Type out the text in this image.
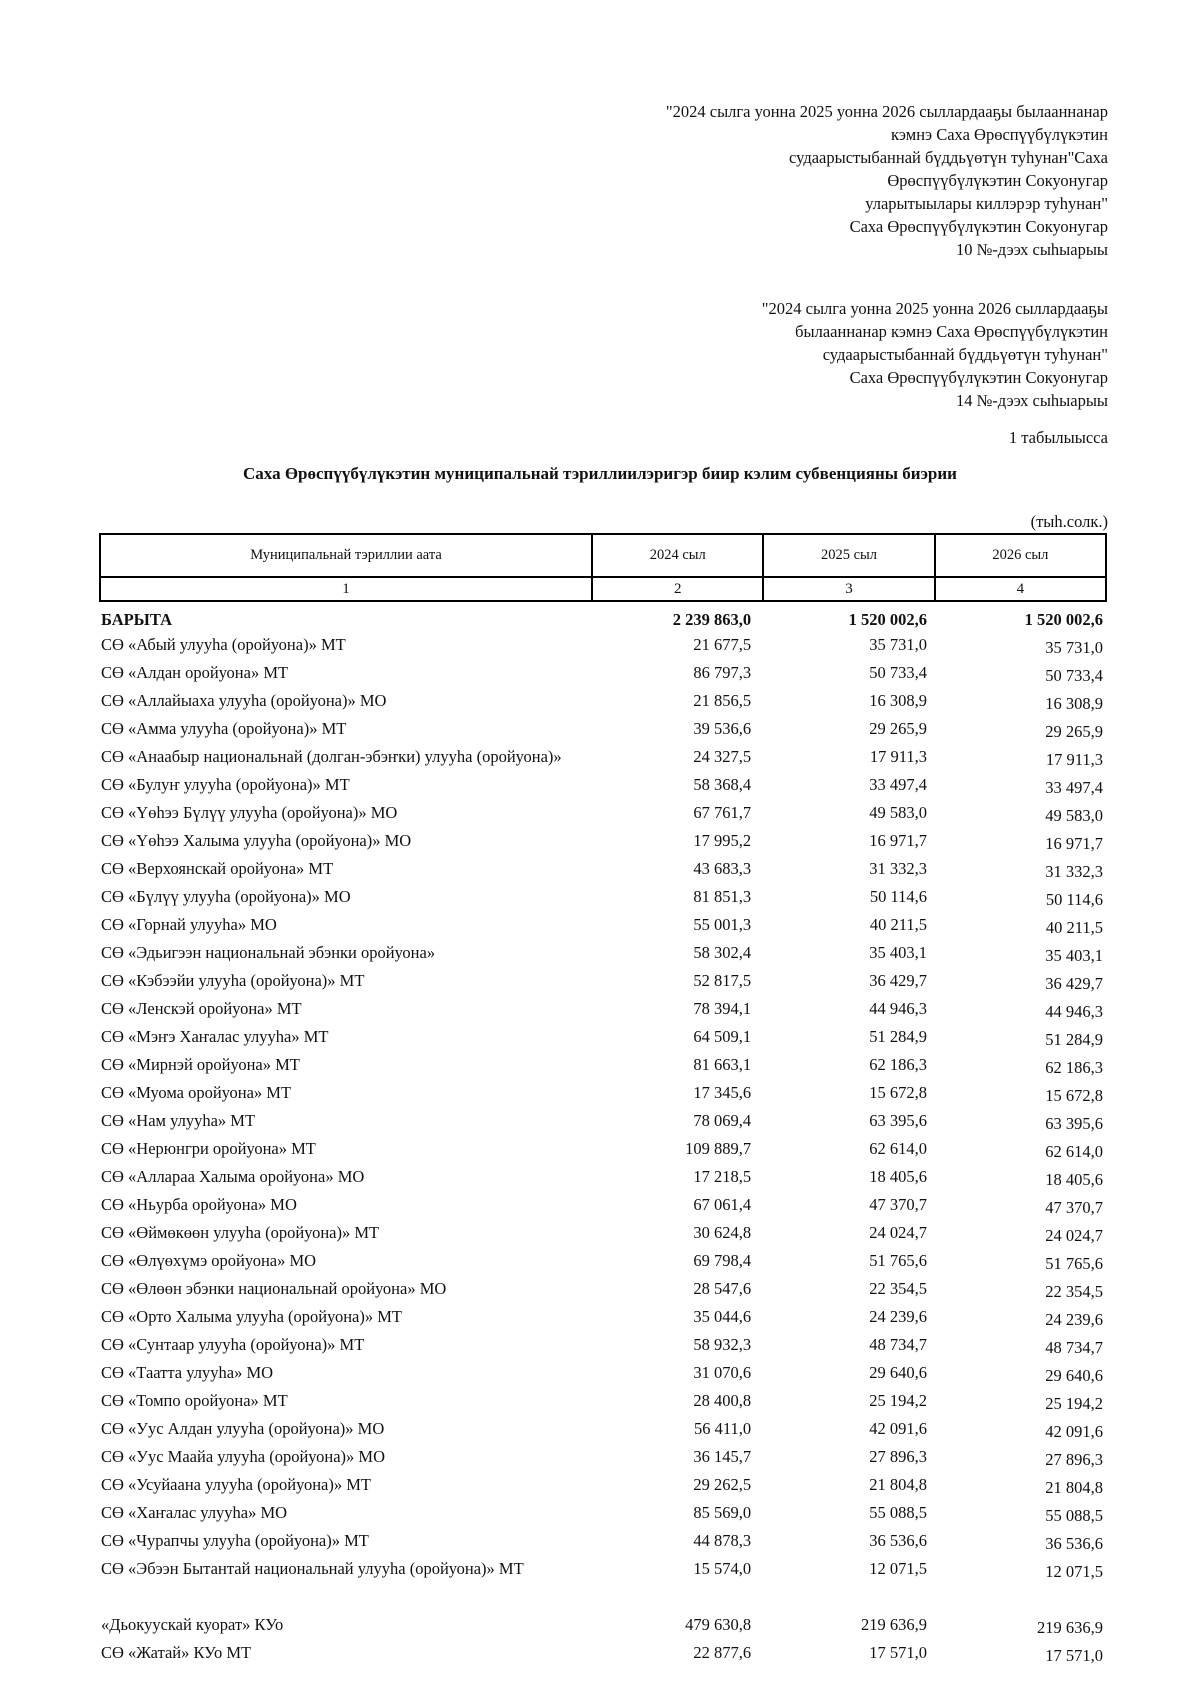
"2024 сылга уонна 2025 уонна 2026 сыллардааҕы былааннанар
кэмнэ Саха Өрөспүүбүлүкэтин
судаарыстыбаннай бүддьүөтүн туһунан"Саха
Өрөспүүбүлүкэтин Сокуонугар
уларытыылары киллэрэр туһунан"
Саха Өрөспүүбүлүкэтин Сокуонугар
10 №-дээх сыһыарыы
"2024 сылга уонна 2025 уонна 2026 сыллардааҕы
былааннанар кэмнэ Саха Өрөспүүбүлүкэтин
судаарыстыбаннай бүддьүөтүн туһунан"
Саха Өрөспүүбүлүкэтин Сокуонугар
14 №-дээх сыһыарыы
1 табылыысса
Саха Өрөспүүбүлүкэтин муниципальнай тэриллиилэригэр биир кэлим субвенцияны биэрии
(тыһ.солк.)
Муниципальнай тэриллии аата	2024 сыл	2025 сыл	2026 сыл
1	2	3	4
БАРЫТА	2 239 863,0	1 520 002,6	1 520 002,6
СӨ «Абый улууһа (оройуона)» МТ	21 677,5	35 731,0	35 731,0
СӨ «Алдан оройуона» МТ	86 797,3	50 733,4	50 733,4
СӨ «Аллайыаха улууһа (оройуона)» МО	21 856,5	16 308,9	16 308,9
СӨ «Амма улууһа (оройуона)» МТ	39 536,6	29 265,9	29 265,9
СӨ «Анаабыр национальнай (долган-эбэҥки) улууһа (оройуона)»	24 327,5	17 911,3	17 911,3
СӨ «Булуҥ улууһа (оройуона)» МТ	58 368,4	33 497,4	33 497,4
СӨ «Үөһээ Бүлүү улууһа (оройуона)» МО	67 761,7	49 583,0	49 583,0
СӨ «Үөһээ Халыма улууһа (оройуона)» МО	17 995,2	16 971,7	16 971,7
СӨ «Верхоянскай оройуона» МТ	43 683,3	31 332,3	31 332,3
СӨ «Бүлүү улууһа (оройуона)» МО	81 851,3	50 114,6	50 114,6
СӨ «Горнай улууһа» МО	55 001,3	40 211,5	40 211,5
СӨ «Эдьигээн национальнай эбэнки оройуона»	58 302,4	35 403,1	35 403,1
СӨ «Кэбээйи улууһа (оройуона)» МТ	52 817,5	36 429,7	36 429,7
СӨ «Ленскэй оройуона» МТ	78 394,1	44 946,3	44 946,3
СӨ «Мэҥэ Хаҥалас улууһа» МТ	64 509,1	51 284,9	51 284,9
СӨ «Мирнэй оройуона» МТ	81 663,1	62 186,3	62 186,3
СӨ «Муома оройуона» МТ	17 345,6	15 672,8	15 672,8
СӨ «Нам улууһа» МТ	78 069,4	63 395,6	63 395,6
СӨ «Нерюнгри оройуона» МТ	109 889,7	62 614,0	62 614,0
СӨ «Аллараа Халыма оройуона» МО	17 218,5	18 405,6	18 405,6
СӨ «Ньурба оройуона» МО	67 061,4	47 370,7	47 370,7
СӨ «Өймөкөөн улууһа (оройуона)» МТ	30 624,8	24 024,7	24 024,7
СӨ «Өлүөхүмэ оройуона» МО	69 798,4	51 765,6	51 765,6
СӨ «Өлөөн эбэнки национальнай оройуона» МО	28 547,6	22 354,5	22 354,5
СӨ «Орто Халыма улууһа (оройуона)» МТ	35 044,6	24 239,6	24 239,6
СӨ «Сунтаар улууһа (оройуона)» МТ	58 932,3	48 734,7	48 734,7
СӨ «Таатта улууһа» МО	31 070,6	29 640,6	29 640,6
СӨ «Томпо оройуона» МТ	28 400,8	25 194,2	25 194,2
СӨ «Уус Алдан улууһа (оройуона)» МО	56 411,0	42 091,6	42 091,6
СӨ «Уус Маайа улууһа (оройуона)» МО	36 145,7	27 896,3	27 896,3
СӨ «Усуйаана улууһа (оройуона)» МТ	29 262,5	21 804,8	21 804,8
СӨ «Хаҥалас улууһа» МО	85 569,0	55 088,5	55 088,5
СӨ «Чурапчы улууһа (оройуона)» МТ	44 878,3	36 536,6	36 536,6
СӨ «Эбээн Бытантай национальнай улууһа (оройуона)» МТ	15 574,0	12 071,5	12 071,5

«Дьокуускай куорат» КУо	479 630,8	219 636,9	219 636,9
СӨ «Жатай» КУо МТ	22 877,6	17 571,0	17 571,0
